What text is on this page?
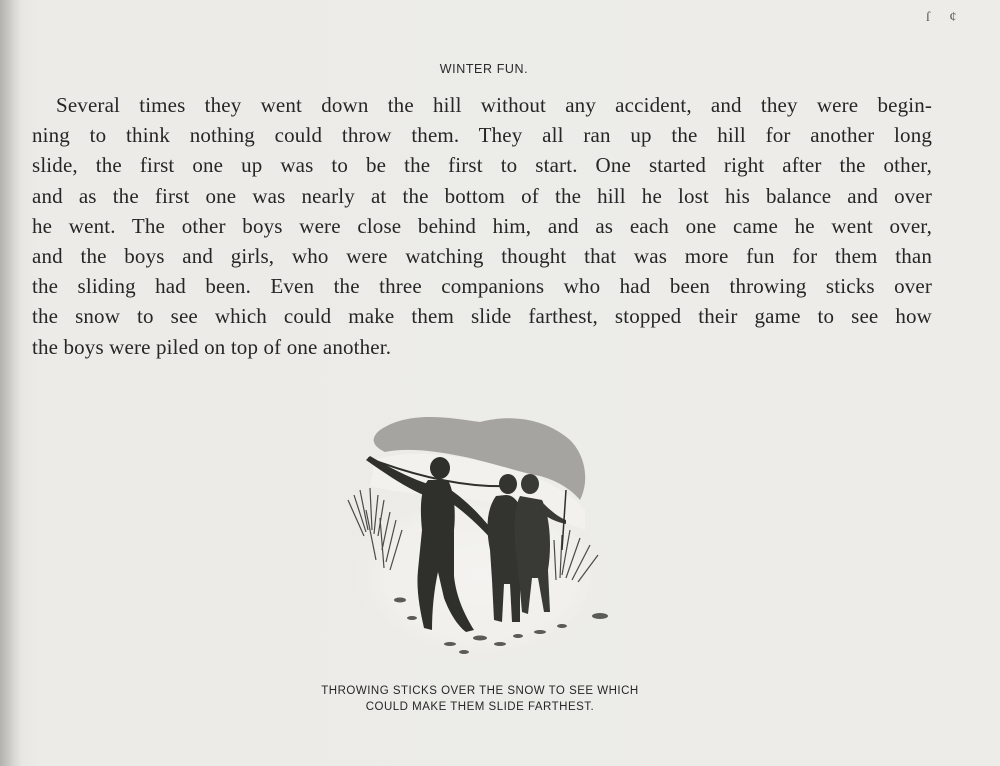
ſ ¢
WINTER FUN.
Several times they went down the hill without any accident, and they were begin-
ning to think nothing could throw them. They all ran up the hill for another long
slide, the first one up was to be the first to start. One started right after the other,
and as the first one was nearly at the bottom of the hill he lost his balance and over
he went. The other boys were close behind him, and as each one came he went over,
and the boys and girls, who were watching thought that was more fun for them than
the sliding had been. Even the three companions who had been throwing sticks over
the snow to see which could make them slide farthest, stopped their game to see how
the boys were piled on top of one another.
THROWING STICKS OVER THE SNOW TO SEE WHICH
COULD MAKE THEM SLIDE FARTHEST.
